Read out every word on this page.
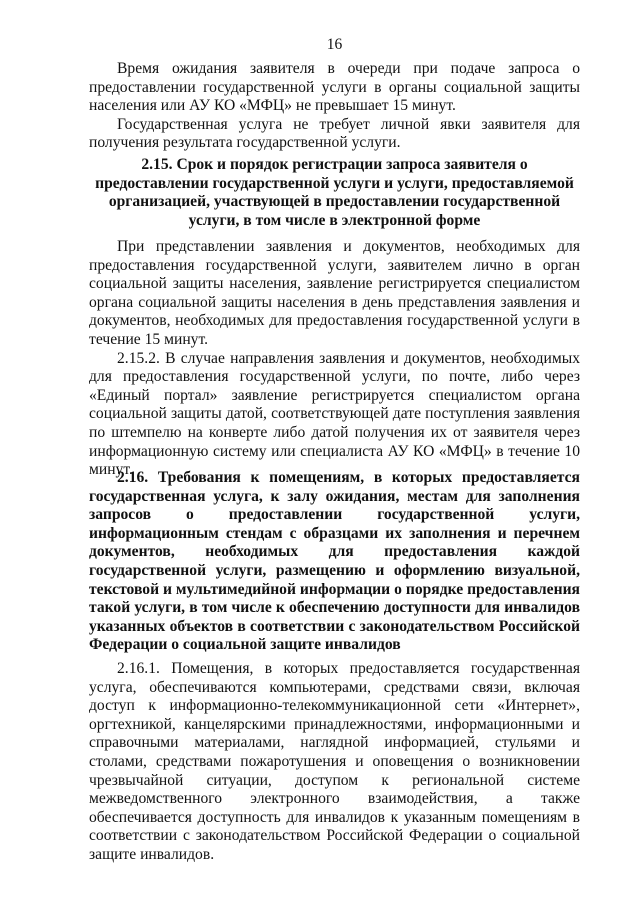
16

Время ожидания заявителя в очереди при подаче запроса о предоставлении государственной услуги в органы социальной защиты населения или АУ КО «МФЦ» не превышает 15 минут.

Государственная услуга не требует личной явки заявителя для получения результата государственной услуги.

2.15. Срок и порядок регистрации запроса заявителя о предоставлении государственной услуги и услуги, предоставляемой организацией, участвующей в предоставлении государственной услуги, в том числе в электронной форме

При представлении заявления и документов, необходимых для предоставления государственной услуги, заявителем лично в орган социальной защиты населения, заявление регистрируется специалистом органа социальной защиты населения в день представления заявления и документов, необходимых для предоставления государственной услуги в течение 15 минут.

2.15.2. В случае направления заявления и документов, необходимых для предоставления государственной услуги, по почте, либо через «Единый портал» заявление регистрируется специалистом органа социальной защиты датой, соответствующей дате поступления заявления по штемпелю на конверте либо датой получения их от заявителя через информационную систему или специалиста АУ КО «МФЦ» в течение 10 минут.

2.16. Требования к помещениям, в которых предоставляется государственная услуга, к залу ожидания, местам для заполнения запросов о предоставлении государственной услуги, информационным стендам с образцами их заполнения и перечнем документов, необходимых для предоставления каждой государственной услуги, размещению и оформлению визуальной, текстовой и мультимедийной информации о порядке предоставления такой услуги, в том числе к обеспечению доступности для инвалидов указанных объектов в соответствии с законодательством Российской Федерации о социальной защите инвалидов

2.16.1. Помещения, в которых предоставляется государственная услуга, обеспечиваются компьютерами, средствами связи, включая доступ к информационно-телекоммуникационной сети «Интернет», оргтехникой, канцелярскими принадлежностями, информационными и справочными материалами, наглядной информацией, стульями и столами, средствами пожаротушения и оповещения о возникновении чрезвычайной ситуации, доступом к региональной системе межведомственного электронного взаимодействия, а также обеспечивается доступность для инвалидов к указанным помещениям в соответствии с законодательством Российской Федерации о социальной защите инвалидов.
